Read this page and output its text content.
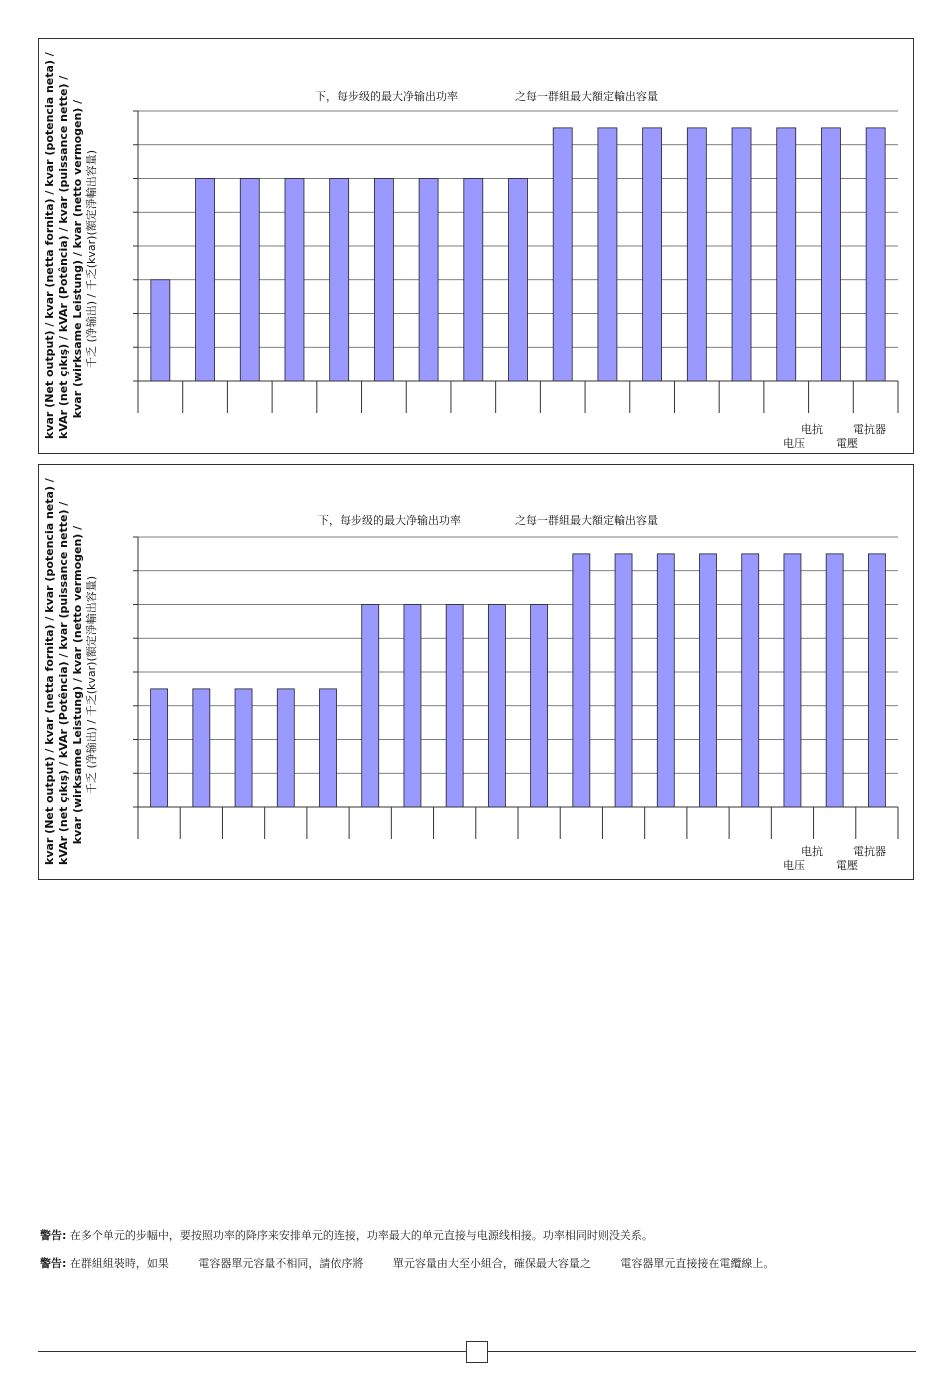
kvar (Net output) / kvar (netta fornita) / kvar (potencia neta) / kVAr (net çıkış) / kVAr (Potência) / kvar (puissance nette) / kvar (wirksame Leistung) / kvar (netto vermogen) / 千乏 (净输出) / 千乏(kvar)(額定淨輸出容量)
下，每步级的最大净输出功率	之每一群組最大額定輸出容量
电抗
电压
電抗器
電壓
kvar (Net output) / kvar (netta fornita) / kvar (potencia neta) / kVAr (net çıkış) / kVAr (Potência) / kvar (puissance nette) / kvar (wirksame Leistung) / kvar (netto vermogen) / 千乏 (净输出) / 千乏(kvar)(額定淨輸出容量)
下，每步级的最大净输出功率	之每一群組最大額定輸出容量
电抗
电压
電抗器
電壓
警告: 在多个单元的步幅中，要按照功率的降序来安排单元的连接，功率最大的单元直接与电源线相接。功率相同时则没关系。
警告: 在群組組裝時，如果	電容器單元容量不相同，請依序將	單元容量由大至小組合，確保最大容量之	電容器單元直接接在電纜線上。
